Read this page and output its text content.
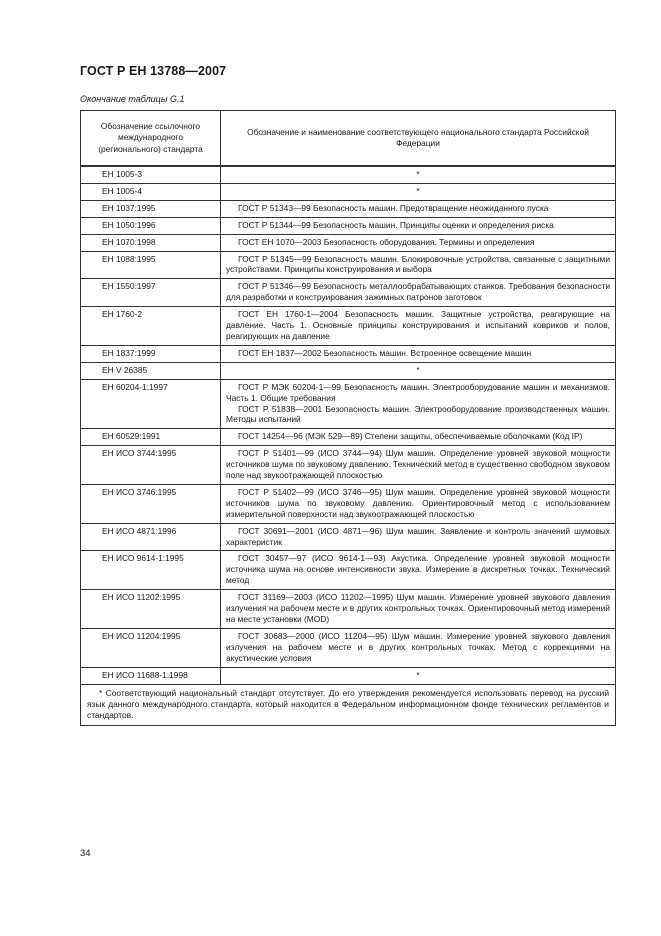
ГОСТ Р ЕН 13788—2007
Окончание таблицы G.1
Обозначение ссылочного международного (регионального) стандарта	Обозначение и наименование соответствующего национального стандарта Российской Федерации
ЕН 1005-3	*
ЕН 1005-4	*
ЕН 1037:1995	ГОСТ Р 51343—99 Безопасность машин. Предотвращение неожиданного пуска

ЕН 1050:1996	ГОСТ Р 51344—99 Безопасность машин. Принципы оценки и определения риска

ЕН 1070:1998	ГОСТ ЕН 1070—2003 Безопасность оборудования. Термины и определения

ЕН 1088:1995	ГОСТ Р 51345—99 Безопасность машин. Блокировочные устройства, связанные с защитными устройствами. Принципы конструирования и выбора

ЕН 1550:1997	ГОСТ Р 51346—99 Безопасность металлообрабатывающих станков. Требования безопасности для разработки и конструирования зажимных патронов заготовок

ЕН 1760-2	ГОСТ ЕН 1760-1—2004 Безопасность машин. Защитные устройства, реагирующие на давление. Часть 1. Основные принципы конструирования и испытаний ковриков и полов, реагирующих на давление

ЕН 1837:1999	ГОСТ ЕН 1837—2002 Безопасность машин. Встроенное освещение машин

ЕН V 26385	*
ЕН 60204-1:1997	ГОСТ Р МЭК 60204-1—99 Безопасность машин. Электрооборудование машин и механизмов. Часть 1. Общие требования

ГОСТ Р 51838—2001 Безопасность машин. Электрооборудование производственных машин. Методы испытаний

ЕН 60529:1991	ГОСТ 14254—96 (МЭК 529—89) Степени защиты, обеспечиваемые оболочками (Код IP)

ЕН ИСО 3744:1995	ГОСТ Р 51401—99 (ИСО 3744—94) Шум машин. Определение уровней звуковой мощности источников шума по звуковому давлению. Технический метод в существенно свободном звуковом поле над звукоотражающей плоскостью

ЕН ИСО 3746:1995	ГОСТ Р 51402—99 (ИСО 3746—95) Шум машин. Определение уровней звуковой мощности источников шума по звуковому давлению. Ориентировочный метод с использованием измерительной поверхности над звукоотражающей плоскостью

ЕН ИСО 4871:1996	ГОСТ 30691—2001 (ИСО 4871—96) Шум машин. Заявление и контроль значений шумовых характеристик

ЕН ИСО 9614-1:1995	ГОСТ 30457—97 (ИСО 9614-1—93) Акустика. Определение уровней звуковой мощности источника шума на основе интенсивности звука. Измерение в дискретных точках. Технический метод

ЕН ИСО 11202:1995	ГОСТ 31169—2003 (ИСО 11202—1995) Шум машин. Измерение уровней звукового давления излучения на рабочем месте и в других контрольных точках. Ориентировочный метод измерений на месте установки (MOD)

ЕН ИСО 11204:1995	ГОСТ 30683—2000 (ИСО 11204—95) Шум машин. Измерение уровней звукового давления излучения на рабочем месте и в других контрольных точках. Метод с коррекциями на акустические условия

ЕН ИСО 11688-1:1998	*

* Соответствующий национальный стандарт отсутствует. До его утверждения рекомендуется использовать перевод на русский язык данного международного стандарта, который находится в Федеральном информационном фонде технических регламентов и стандартов.	

34
